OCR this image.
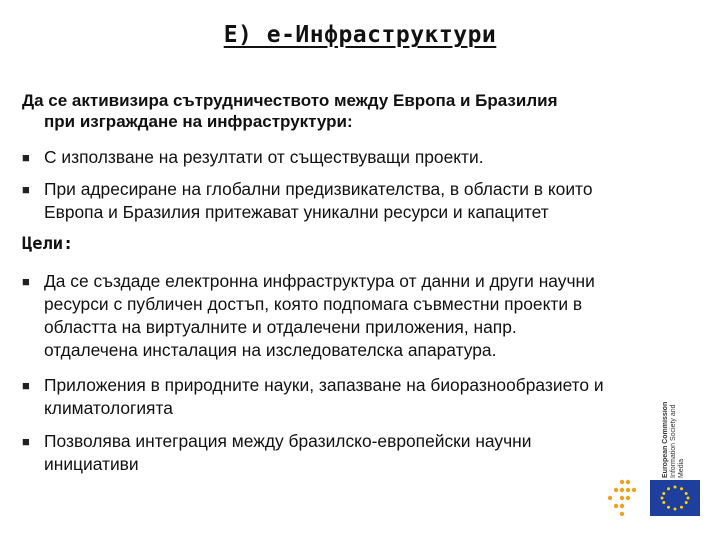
E) e-Инфраструктури
Да се активизира сътрудничеството между Европа и Бразилия
при изграждане на инфраструктури:
■ С използване на резултати от съществуващи проекти.
■ При адресиране на глобални предизвикателства, в области в които
Европа и Бразилия притежават уникални ресурси и капацитет
Цели:
■ Да се създаде електронна инфраструктура от данни и други научни
ресурси с публичен достъп, която подпомага съвместни проекти в
областта на виртуалните и отдалечени приложения, напр.
отдалечена инсталация на изследователска апаратура.
■ Приложения в природните науки, запазване на биоразнообразието и
климатологията
■ Позволява интеграция между бразилско-европейски научни
инициативи	European Commission
Information Society and Media
